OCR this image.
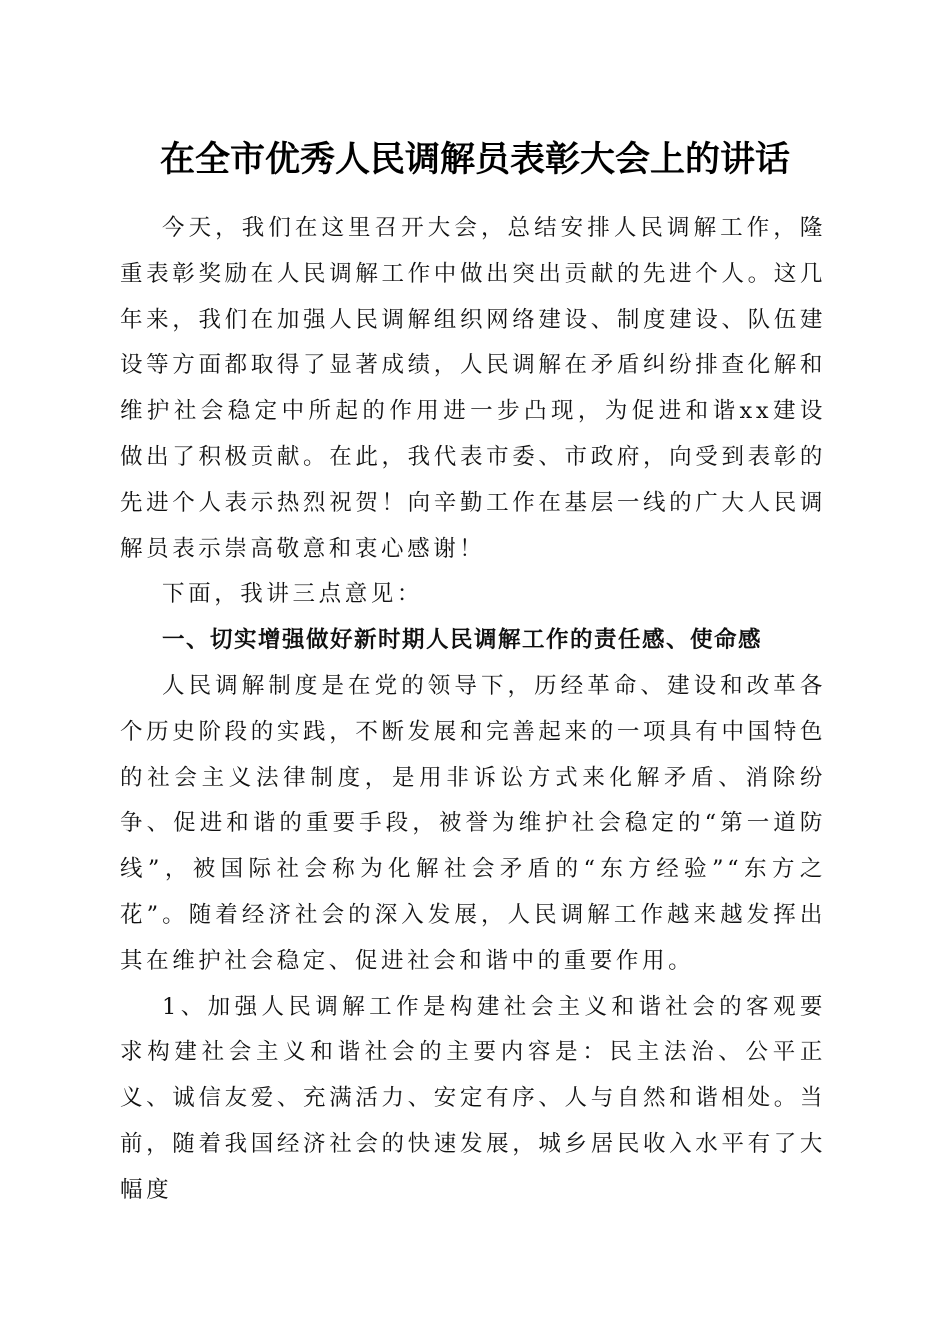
在全市优秀人民调解员表彰大会上的讲话

今天，我们在这里召开大会，总结安排人民调解工作，隆重表彰奖励在人民调解工作中做出突出贡献的先进个人。这几年来，我们在加强人民调解组织网络建设、制度建设、队伍建设等方面都取得了显著成绩，人民调解在矛盾纠纷排查化解和维护社会稳定中所起的作用进一步凸现，为促进和谐xx建设做出了积极贡献。在此，我代表市委、市政府，向受到表彰的先进个人表示热烈祝贺！向辛勤工作在基层一线的广大人民调解员表示崇高敬意和衷心感谢！

下面，我讲三点意见：

一、切实增强做好新时期人民调解工作的责任感、使命感

人民调解制度是在党的领导下，历经革命、建设和改革各个历史阶段的实践，不断发展和完善起来的一项具有中国特色的社会主义法律制度，是用非诉讼方式来化解矛盾、消除纷争、促进和谐的重要手段，被誉为维护社会稳定的“第一道防线”，被国际社会称为化解社会矛盾的“东方经验”“东方之花”。随着经济社会的深入发展，人民调解工作越来越发挥出其在维护社会稳定、促进社会和谐中的重要作用。

1、加强人民调解工作是构建社会主义和谐社会的客观要求构建社会主义和谐社会的主要内容是：民主法治、公平正义、诚信友爱、充满活力、安定有序、人与自然和谐相处。当前，随着我国经济社会的快速发展，城乡居民收入水平有了大幅度
